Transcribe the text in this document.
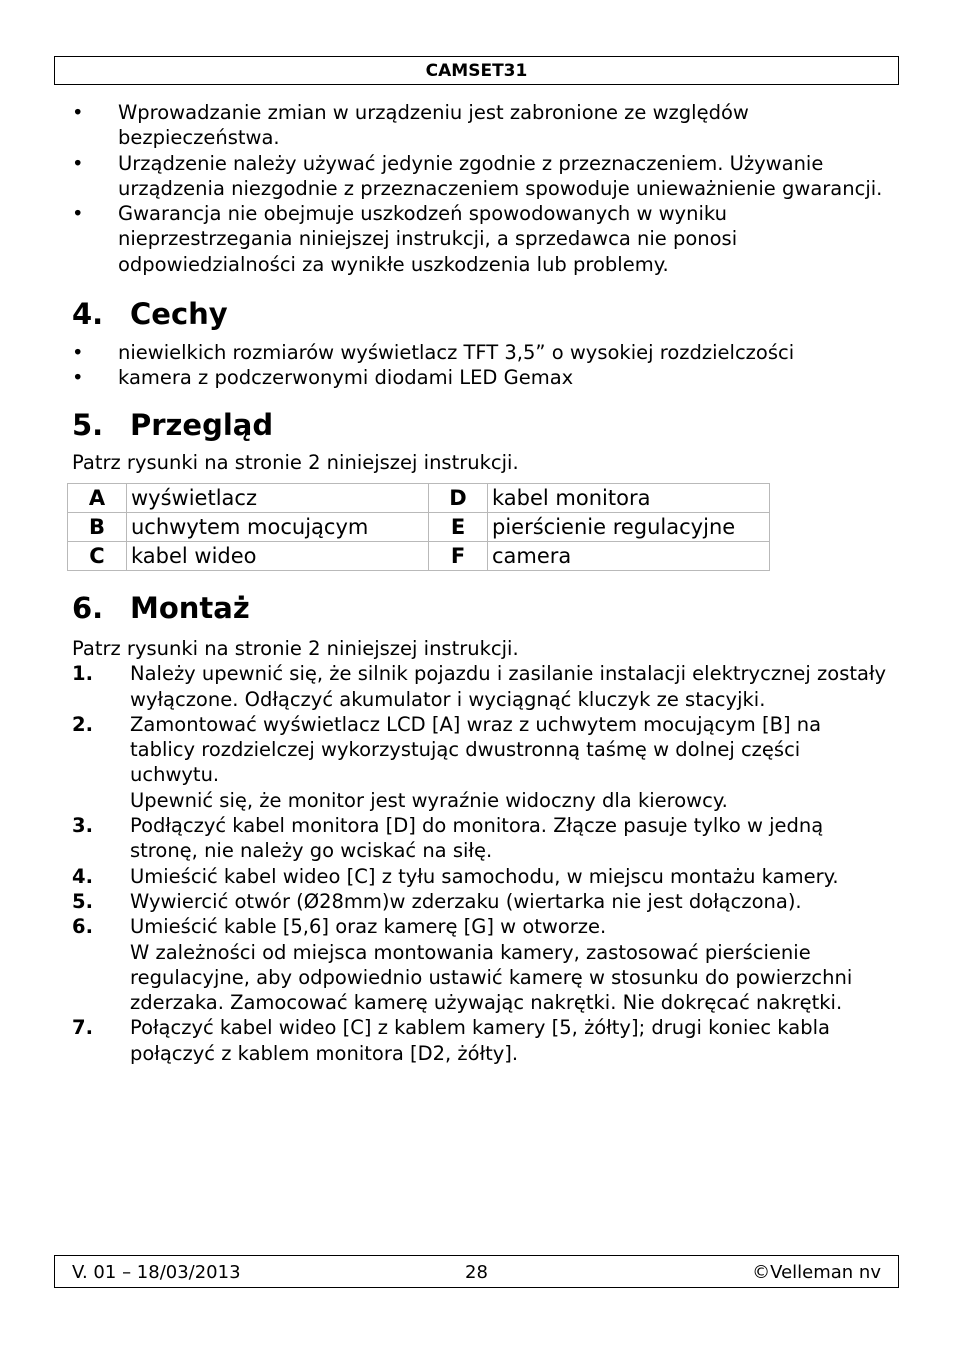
CAMSET31
• Wprowadzanie zmian w urządzeniu jest zabronione ze względów bezpieczeństwa.
• Urządzenie należy używać jedynie zgodnie z przeznaczeniem. Używanie urządzenia niezgodnie z przeznaczeniem spowoduje unieważnienie gwarancji.
• Gwarancja nie obejmuje uszkodzeń spowodowanych w wyniku nieprzestrzegania niniejszej instrukcji, a sprzedawca nie ponosi odpowiedzialności za wynikłe uszkodzenia lub problemy.
4. Cechy
• niewielkich rozmiarów wyświetlacz TFT 3,5” o wysokiej rozdzielczości
• kamera z podczerwonymi diodami LED Gemax
5. Przegląd

Patrz rysunki na stronie 2 niniejszej instrukcji.

A	wyświetlacz	D	kabel monitora
B	uchwytem mocującym	E	pierścienie regulacyjne
C	kabel wideo	F	camera
6. Montaż

Patrz rysunki na stronie 2 niniejszej instrukcji.

1. Należy upewnić się, że silnik pojazdu i zasilanie instalacji elektrycznej zostały wyłączone. Odłączyć akumulator i wyciągnąć kluczyk ze stacyjki.
2. Zamontować wyświetlacz LCD [A] wraz z uchwytem mocującym [B] na tablicy rozdzielczej wykorzystując dwustronną taśmę w dolnej części uchwytu.
Upewnić się, że monitor jest wyraźnie widoczny dla kierowcy.
3. Podłączyć kabel monitora [D] do monitora. Złącze pasuje tylko w jedną stronę, nie należy go wciskać na siłę.
4. Umieścić kabel wideo [C] z tyłu samochodu, w miejscu montażu kamery.
5. Wywiercić otwór (Ø28mm)w zderzaku (wiertarka nie jest dołączona).
6. Umieścić kable [5,6] oraz kamerę [G] w otworze.
W zależności od miejsca montowania kamery, zastosować pierścienie regulacyjne, aby odpowiednio ustawić kamerę w stosunku do powierzchni zderzaka. Zamocować kamerę używając nakrętki. Nie dokręcać nakrętki.
7. Połączyć kabel wideo [C] z kablem kamery [5, żółty]; drugi koniec kabla połączyć z kablem monitora [D2, żółty].
V. 01 – 18/03/2013	28	©Velleman nv
